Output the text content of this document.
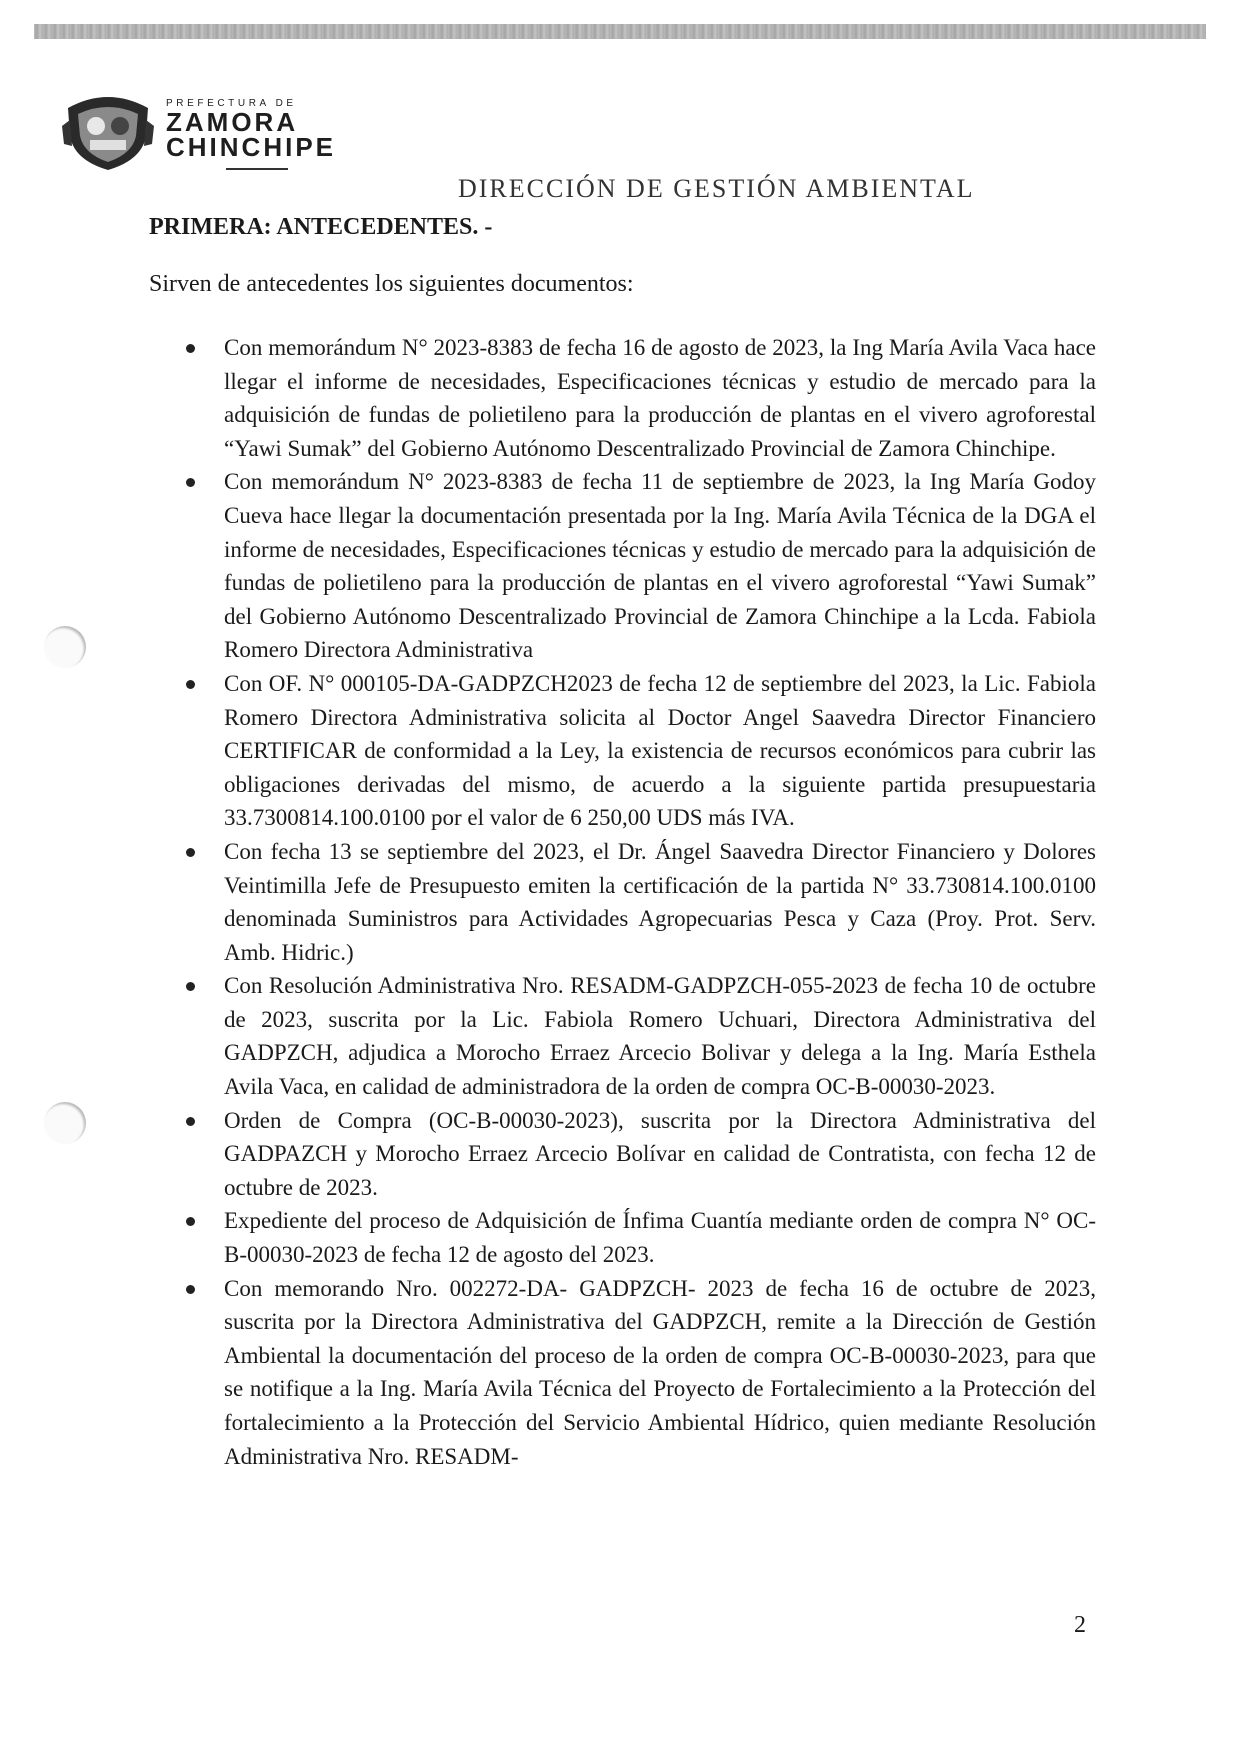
PREFECTURA DE
ZAMORA
CHINCHIPE
DIRECCIÓN DE GESTIÓN AMBIENTAL
PRIMERA: ANTECEDENTES. -
Sirven de antecedentes los siguientes documentos:
Con memorándum N° 2023-8383 de fecha 16 de agosto de 2023, la Ing María Avila Vaca hace llegar el informe de necesidades, Especificaciones técnicas y estudio de mercado para la adquisición de fundas de polietileno para la producción de plantas en el vivero agroforestal “Yawi Sumak” del Gobierno Autónomo Descentralizado Provincial de Zamora Chinchipe.
Con memorándum N° 2023-8383 de fecha 11 de septiembre de 2023, la Ing María Godoy Cueva hace llegar la documentación presentada por la Ing. María Avila Técnica de la DGA el informe de necesidades, Especificaciones técnicas y estudio de mercado para la adquisición de fundas de polietileno para la producción de plantas en el vivero agroforestal “Yawi Sumak” del Gobierno Autónomo Descentralizado Provincial de Zamora Chinchipe a la Lcda. Fabiola Romero Directora Administrativa
Con OF. N° 000105-DA-GADPZCH2023 de fecha 12 de septiembre del 2023, la Lic. Fabiola Romero Directora Administrativa solicita al Doctor Angel Saavedra Director Financiero CERTIFICAR de conformidad a la Ley, la existencia de recursos económicos para cubrir las obligaciones derivadas del mismo, de acuerdo a la siguiente partida presupuestaria 33.7300814.100.0100 por el valor de 6 250,00 UDS más IVA.
Con fecha 13 se septiembre del 2023, el Dr. Ángel Saavedra Director Financiero y Dolores Veintimilla Jefe de Presupuesto emiten la certificación de la partida N° 33.730814.100.0100 denominada Suministros para Actividades Agropecuarias Pesca y Caza (Proy. Prot. Serv. Amb. Hidric.)
Con Resolución Administrativa Nro. RESADM-GADPZCH-055-2023 de fecha 10 de octubre de 2023, suscrita por la Lic. Fabiola Romero Uchuari, Directora Administrativa del GADPZCH, adjudica a Morocho Erraez Arcecio Bolivar y delega a la Ing. María Esthela Avila Vaca, en calidad de administradora de la orden de compra OC-B-00030-2023.
Orden de Compra (OC-B-00030-2023), suscrita por la Directora Administrativa del GADPAZCH y Morocho Erraez Arcecio Bolívar en calidad de Contratista, con fecha 12 de octubre de 2023.
Expediente del proceso de Adquisición de Ínfima Cuantía mediante orden de compra N° OC-B-00030-2023 de fecha 12 de agosto del 2023.
Con memorando Nro. 002272-DA- GADPZCH- 2023 de fecha 16 de octubre de 2023, suscrita por la Directora Administrativa del GADPZCH, remite a la Dirección de Gestión Ambiental la documentación del proceso de la orden de compra OC-B-00030-2023, para que se notifique a la Ing. María Avila Técnica del Proyecto de Fortalecimiento a la Protección del fortalecimiento a la Protección del Servicio Ambiental Hídrico, quien mediante Resolución Administrativa Nro. RESADM-
2
